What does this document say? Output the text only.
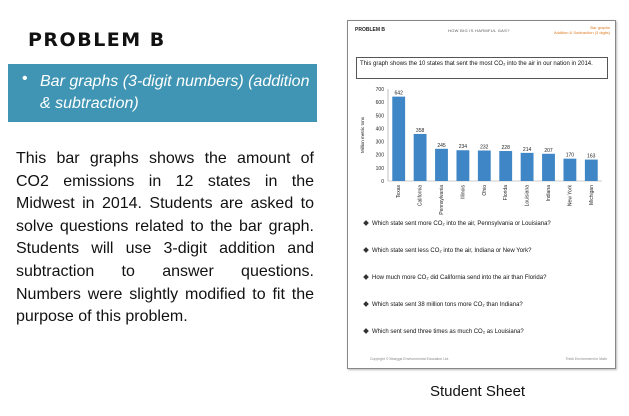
PROBLEM B
• Bar graphs (3-digit numbers) (addition & subtraction)
This bar graphs shows the amount of CO2 emissions in 12 states in the Midwest in 2014. Students are asked to solve questions related to the bar graph. Students will use 3-digit addition and subtraction to answer questions. Numbers were slightly modified to fit the purpose of this problem.
PROBLEM B	HOW BIG IS HARMFUL GAS?
Bar graphs
Addition & Subtraction (3 digits)
This graph shows the 10 states that sent the most CO₂ into the air in our nation in 2014.
0
100
200
300
400
500
600
700
Million metric tons
642
Texas
358
California
245
Pennsylvania
234
Illinois
232
Ohio
228
Florida
214
Louisiana
207
Indiana
170
New York
163
Michigan
Which state sent more CO₂ into the air, Pennsylvania or Louisiana?
Which state sent less CO₂ into the air, Indiana or New York?
How much more CO₂ did California send into the air than Florida?
Which state sent 38 million tons more CO₂ than Indiana?
Which sent send three times as much CO₂ as Louisiana?
Copyright © Bluegga Environmental Education Ltd.	Think Environment in Math
Student Sheet
